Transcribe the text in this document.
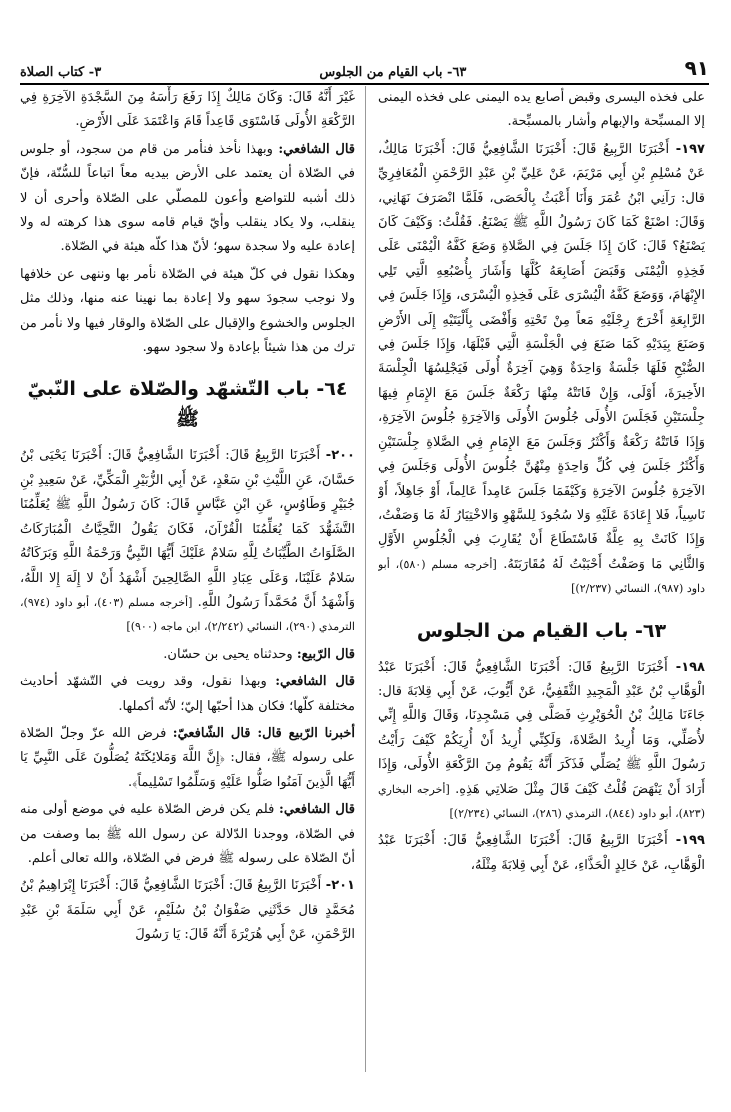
٩١
٦٣- باب القيام من الجلوس
٣- كتاب الصلاة

على فخذه اليسرى وقبض أصابع يده اليمنى على فخذه اليمنى إلا المسبِّحة والإبهام وأشار بالمسبِّحة.

١٩٧- أَخْبَرَنَا الرَّبِيعُ قَالَ: أَخْبَرَنَا الشَّافِعِيُّ قَالَ: أَخْبَرَنَا مَالِكٌ، عَنْ مُسْلِمِ بْنِ أَبِي مَرْيَمَ، عَنْ عَلِيِّ بْنِ عَبْدِ الرَّحْمَنِ الْمُعَافِرِيِّ قال: رَآنِي ابْنُ عُمَرَ وَأَنَا أَعْبَثُ بِالْحَصَى، فَلَمَّا انْصَرَفَ نَهَانِي، وَقَالَ: اصْنَعْ كَمَا كَانَ رَسُولُ اللَّهِ ﷺ يَصْنَعُ. فَقُلْتُ: وَكَيْفَ كَانَ يَصْنَعُ؟ قَالَ: كَانَ إِذَا جَلَسَ فِي الصَّلاةِ وَضَعَ كَفَّهُ الْيُمْنَى عَلَى فَخِذِهِ الْيُمْنَى وَقَبَضَ أَصَابِعَهُ كُلَّهَا وَأَشَارَ بِأُصْبُعِهِ الَّتِي تَلِي الإِبْهَامَ، وَوَضَعَ كَفَّهُ الْيُسْرَى عَلَى فَخِذِهِ الْيُسْرَى، وَإِذَا جَلَسَ فِي الرَّابِعَةِ أَخْرَجَ رِجْلَيْهِ مَعاً مِنْ تَحْتِهِ وَأَفْضَى بِأَلْيَتَيْهِ إِلَى الأَرْضِ وَصَنَعَ بِيَدَيْهِ كَمَا صَنَعَ فِي الْجَلْسَةِ الَّتِي قَبْلَهَا، وَإِذَا جَلَسَ فِي الصُّبْحِ فَلَهَا جَلْسَةٌ وَاحِدَةٌ وَهِيَ آخِرَةٌ أُولَى فَيَجْلِسُهَا الْجِلْسَةَ الأَخِيرَةَ، أَوْلَى، وَإِنْ فَاتَتْهُ مِنْهَا رَكْعَةٌ جَلَسَ مَعَ الإِمَامِ فِيهَا جِلْسَتَيْنِ فَجَلَسَ الأُولَى جُلُوسَ الأُولَى وَالآخِرَةِ جُلُوسَ الآخِرَةِ، وَإِذَا فَاتَتْهُ رَكْعَةٌ وَأَكْثَرُ وَجَلَسَ مَعَ الإِمَامِ فِي الصَّلاةِ جِلْسَتَيْنِ وَأَكْثَرُ جَلَسَ فِي كُلِّ وَاحِدَةٍ مِنْهُنَّ جُلُوسَ الأُولَى وَجَلَسَ فِي الآخِرَةِ جُلُوسَ الآخِرَةِ وَكَيْفَمَا جَلَسَ عَامِداً عَالِماً، أَوْ جَاهِلاً، أَوْ نَاسِياً، فَلا إِعَادَةَ عَلَيْهِ وَلا سُجُودَ لِلسَّهْوِ وَالاخْتِيَارُ لَهُ مَا وَصَفْتُ، وَإِذَا كَانَتْ بِهِ عِلَّةٌ فَاسْتَطَاعَ أَنْ يُقَارِبَ فِي الْجُلُوسِ الأَوَّلِ وَالثَّانِي مَا وَصَفْتُ أَحْبَبْتُ لَهُ مُقَارَبَتَهُ. [أخرجه مسلم (٥٨٠)، أبو داود (٩٨٧)، النسائي (٢/٢٣٧)]

٦٣- باب القيام من الجلوس

١٩٨- أَخْبَرَنَا الرَّبِيعُ قَالَ: أَخْبَرَنَا الشَّافِعِيُّ قَالَ: أَخْبَرَنَا عَبْدُ الْوَهَّابِ بْنُ عَبْدِ الْمَجِيدِ الثَّقَفِيُّ، عَنْ أَيُّوبَ، عَنْ أَبِي قِلابَةَ قال: جَاءَنَا مَالِكُ بْنُ الْحُوَيْرِثِ فَصَلَّى فِي مَسْجِدِنَا، وَقَالَ وَاللَّهِ إِنِّي لأُصَلِّي، وَمَا أُرِيدُ الصَّلاةَ، وَلَكِنِّي أُرِيدُ أَنْ أُرِيَكُمْ كَيْفَ رَأَيْتُ رَسُولَ اللَّهِ ﷺ يُصَلِّي فَذَكَرَ أَنَّهُ يَقُومُ مِنَ الرَّكْعَةِ الأُولَى، وَإِذَا أَرَادَ أَنْ يَنْهَضَ قُلْتُ كَيْفَ قَالَ مِثْلَ صَلاتِي هَذِهِ. [أخرجه البخاري (٨٢٣)، أبو داود (٨٤٤)، الترمذي (٢٨٦)، النسائي (٢/٢٣٤)]

١٩٩- أَخْبَرَنَا الرَّبِيعُ قَالَ: أَخْبَرَنَا الشَّافِعِيُّ قَالَ: أَخْبَرَنَا عَبْدُ الْوَهَّابِ، عَنْ خَالِدٍ الْحَذَّاءِ، عَنْ أَبِي قِلابَةَ مِثْلَهُ،

غَيْرَ أَنَّهُ قَالَ: وَكَانَ مَالِكٌ إِذَا رَفَعَ رَأْسَهُ مِنَ السَّجْدَةِ الآخِرَةِ فِي الرَّكْعَةِ الأُولَى فَاسْتَوَى قَاعِداً قَامَ وَاعْتَمَدَ عَلَى الأَرْضِ.

قال الشافعي: وبهذا نأخذ فنأمر من قام من سجود، أو جلوس في الصّلاة أن يعتمد على الأرض بيديه معاً اتباعاً للسُّنّة، فإنّ ذلك أشبه للتواضع وأعون للمصلّي على الصّلاة وأحرى أن لا ينقلب، ولا يكاد ينقلب وأيّ قيام قامه سوى هذا كرهته له ولا إعادة عليه ولا سجدة سهو؛ لأنّ هذا كلّه هيئة في الصّلاة.

وهكذا نقول في كلّ هيئة في الصّلاة نأمر بها وننهى عن خلافها ولا نوجب سجودَ سهو ولا إعادة بما نهينا عنه منها، وذلك مثل الجلوس والخشوع والإقبال على الصّلاة والوقار فيها ولا نأمر من ترك من هذا شيئاً بإعادة ولا سجود سهو.

٦٤- باب التّشهّد والصّلاة على النّبيّ ﷺ

٢٠٠- أَخْبَرَنَا الرَّبِيعُ قَالَ: أَخْبَرَنَا الشَّافِعِيُّ قَالَ: أَخْبَرَنَا يَحْيَى بْنُ حَسَّانَ، عَنِ اللَّيْثِ بْنِ سَعْدٍ، عَنْ أَبِي الزُّبَيْرِ الْمَكِّيِّ، عَنْ سَعِيدِ بْنِ جُبَيْرٍ وَطَاوُسٍ، عَنِ ابْنِ عَبَّاسٍ قَالَ: كَانَ رَسُولُ اللَّهِ ﷺ يُعَلِّمُنَا التَّشَهُّدَ كَمَا يُعَلِّمُنَا الْقُرْآنَ، فَكَانَ يَقُولُ التَّحِيَّاتُ الْمُبَارَكَاتُ الصَّلَوَاتُ الطَّيِّبَاتُ لِلَّهِ سَلامٌ عَلَيْكَ أَيُّهَا النَّبِيُّ وَرَحْمَةُ اللَّهِ وَبَرَكَاتُهُ سَلامٌ عَلَيْنَا، وَعَلَى عِبَادِ اللَّهِ الصَّالِحِينَ أَشْهَدُ أَنْ لا إِلَهَ إِلا اللَّهُ، وَأَشْهَدُ أَنَّ مُحَمَّداً رَسُولُ اللَّهِ. [أخرجه مسلم (٤٠٣)، أبو داود (٩٧٤)، الترمذي (٢٩٠)، النسائي (٢/٢٤٢)، ابن ماجه (٩٠٠)]

قال الرّبيع: وحدثناه يحيى بن حسّان.

قال الشافعي: وبهذا نقول، وقد رويت في التّشهّد أحاديث مختلفة كلّها؛ فكان هذا أحبّها إليّ؛ لأنّه أكملها.

أخبرنا الرّبيع قال: قال الشّافعيّ: فرض الله عزّ وجلّ الصّلاة على رسوله ﷺ، فقال: ﴿إِنَّ اللَّهَ وَمَلائِكَتَهُ يُصَلُّونَ عَلَى النَّبِيِّ يَا أَيُّهَا الَّذِينَ آمَنُوا صَلُّوا عَلَيْهِ وَسَلِّمُوا تَسْلِيماً﴾.

قال الشافعي: فلم يكن فرض الصّلاة عليه في موضع أولى منه في الصّلاة، ووجدنا الدّلالة عن رسول الله ﷺ بما وصفت من أنّ الصّلاة على رسوله ﷺ فرض في الصّلاة، والله تعالى أعلم.

٢٠١- أَخْبَرَنَا الرَّبِيعُ قَالَ: أَخْبَرَنَا الشَّافِعِيُّ قَالَ: أَخْبَرَنَا إِبْرَاهِيمُ بْنُ مُحَمَّدٍ قال حَدَّثَنِي صَفْوَانُ بْنُ سُلَيْمٍ، عَنْ أَبِي سَلَمَةَ بْنِ عَبْدِ الرَّحْمَنِ، عَنْ أَبِي هُرَيْرَةَ أَنَّهُ قَالَ: يَا رَسُولَ
